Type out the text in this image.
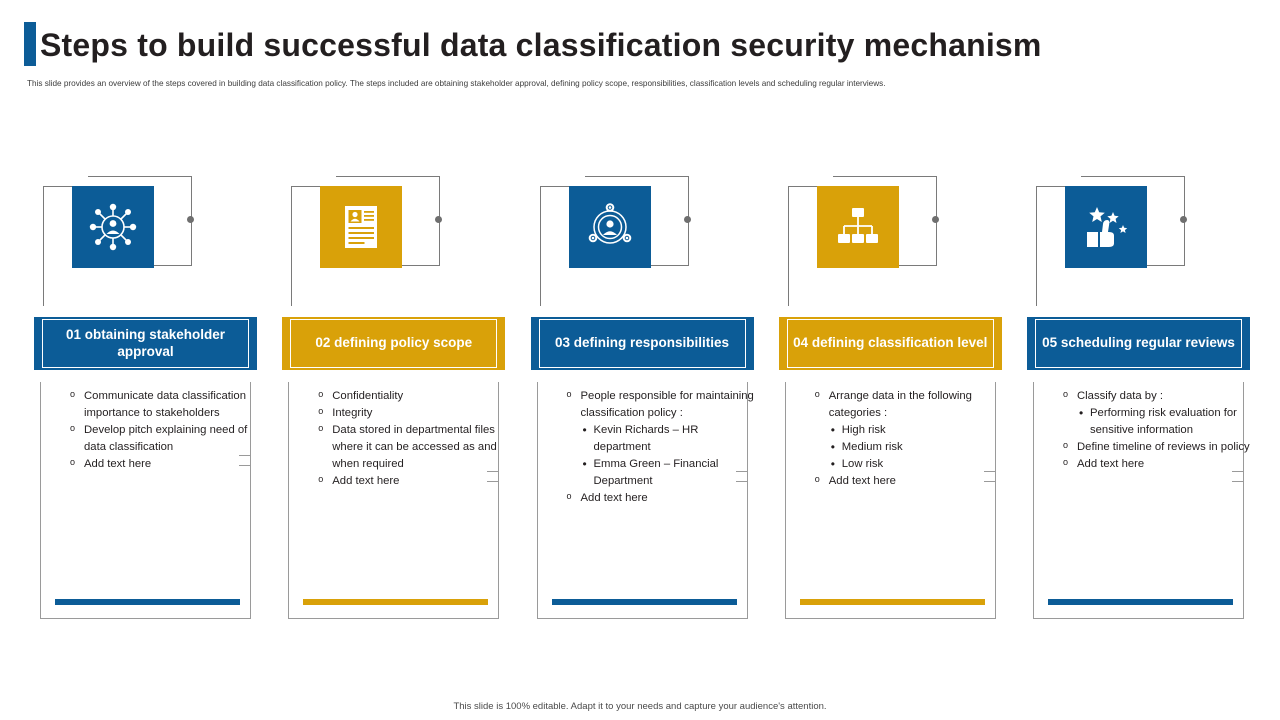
Steps to build successful data classification security mechanism
This slide provides an overview of the steps covered in building data classification policy. The steps included are obtaining stakeholder approval, defining policy scope, responsibilities, classification levels and scheduling regular interviews.
01 obtaining stakeholder approval
o Communicate data classification importance to stakeholders
o Develop pitch explaining need of data classification
o Add text here
02 defining policy scope
o Confidentiality
o Integrity
o Data stored in departmental files where it can be accessed as and when required
o Add text here
03 defining responsibilities
o People responsible for maintaining classification policy :
• Kevin Richards – HR department
• Emma Green – Financial Department
o Add text here
04 defining classification level
o Arrange data in the following categories :
• High risk
• Medium risk
• Low risk
o Add text here
05 scheduling regular reviews
o Classify data by :
• Performing risk evaluation for sensitive information
o Define timeline of reviews in policy
o Add text here
This slide is 100% editable. Adapt it to your needs and capture your audience's attention.
